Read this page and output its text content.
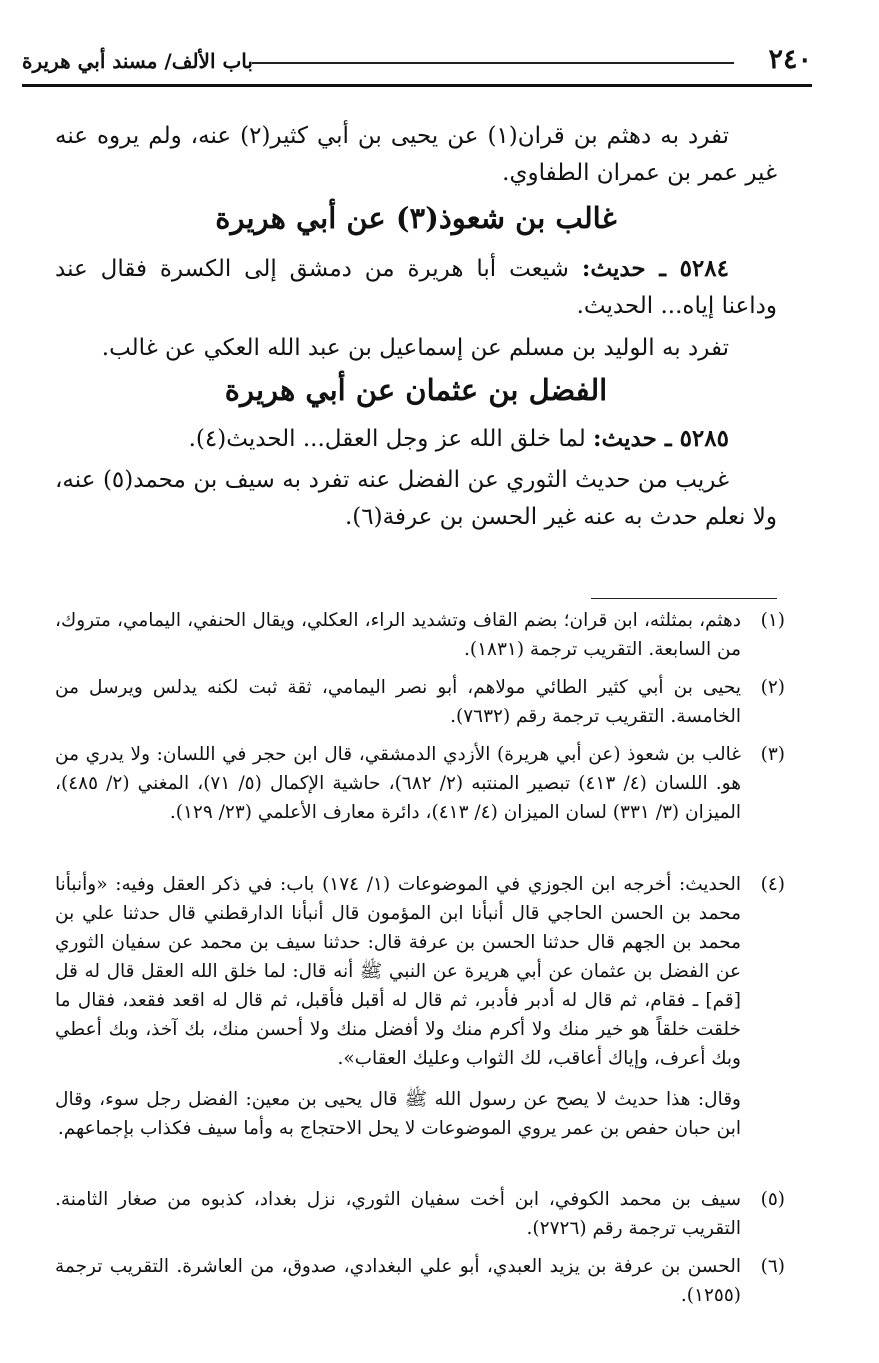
٢٤٠
باب الألف/ مسند أبي هريرة
تفرد به دهثم بن قران(١) عن يحيى بن أبي كثير(٢) عنه، ولم يروه عنه غير عمر بن عمران الطفاوي.
غالب بن شعوذ(٣) عن أبي هريرة
٥٢٨٤ ـ حديث: شيعت أبا هريرة من دمشق إلى الكسرة فقال عند وداعنا إياه... الحديث.
تفرد به الوليد بن مسلم عن إسماعيل بن عبد الله العكي عن غالب.
الفضل بن عثمان عن أبي هريرة
٥٢٨٥ ـ حديث: لما خلق الله عز وجل العقل... الحديث(٤).
غريب من حديث الثوري عن الفضل عنه تفرد به سيف بن محمد(٥) عنه، ولا نعلم حدث به عنه غير الحسن بن عرفة(٦).
(١)
دهثم، بمثلثه، ابن قران؛ بضم القاف وتشديد الراء، العكلي، ويقال الحنفي، اليمامي، متروك، من السابعة. التقريب ترجمة (١٨٣١).
(٢)
يحيى بن أبي كثير الطائي مولاهم، أبو نصر اليمامي، ثقة ثبت لكنه يدلس ويرسل من الخامسة. التقريب ترجمة رقم (٧٦٣٢).
(٣)
غالب بن شعوذ (عن أبي هريرة) الأزدي الدمشقي، قال ابن حجر في اللسان: ولا يدري من هو. اللسان (٤/ ٤١٣) تبصير المنتبه (٢/ ٦٨٢)، حاشية الإكمال (٥/ ٧١)، المغني (٢/ ٤٨٥)، الميزان (٣/ ٣٣١) لسان الميزان (٤/ ٤١٣)، دائرة معارف الأعلمي (٢٣/ ١٢٩).
(٤)
الحديث: أخرجه ابن الجوزي في الموضوعات (١/ ١٧٤) باب: في ذكر العقل وفيه: «وأنبأنا محمد بن الحسن الحاجي قال أنبأنا ابن المؤمون قال أنبأنا الدارقطني قال حدثنا علي بن محمد بن الجهم قال حدثنا الحسن بن عرفة قال: حدثنا سيف بن محمد عن سفيان الثوري عن الفضل بن عثمان عن أبي هريرة عن النبي ﷺ أنه قال: لما خلق الله العقل قال له قل [قم] ـ فقام، ثم قال له أدبر فأدبر، ثم قال له أقبل فأقبل، ثم قال له اقعد فقعد، فقال ما خلقت خلقاً هو خير منك ولا أكرم منك ولا أفضل منك ولا أحسن منك، بك آخذ، وبك أعطي وبك أعرف، وإياك أعاقب، لك الثواب وعليك العقاب».
وقال: هذا حديث لا يصح عن رسول الله ﷺ قال يحيى بن معين: الفضل رجل سوء، وقال ابن حبان حفص بن عمر يروي الموضوعات لا يحل الاحتجاج به وأما سيف فكذاب بإجماعهم.
(٥)
سيف بن محمد الكوفي، ابن أخت سفيان الثوري، نزل بغداد، كذبوه من صغار الثامنة. التقريب ترجمة رقم (٢٧٢٦).
(٦)
الحسن بن عرفة بن يزيد العبدي، أبو علي البغدادي، صدوق، من العاشرة. التقريب ترجمة (١٢٥٥).
